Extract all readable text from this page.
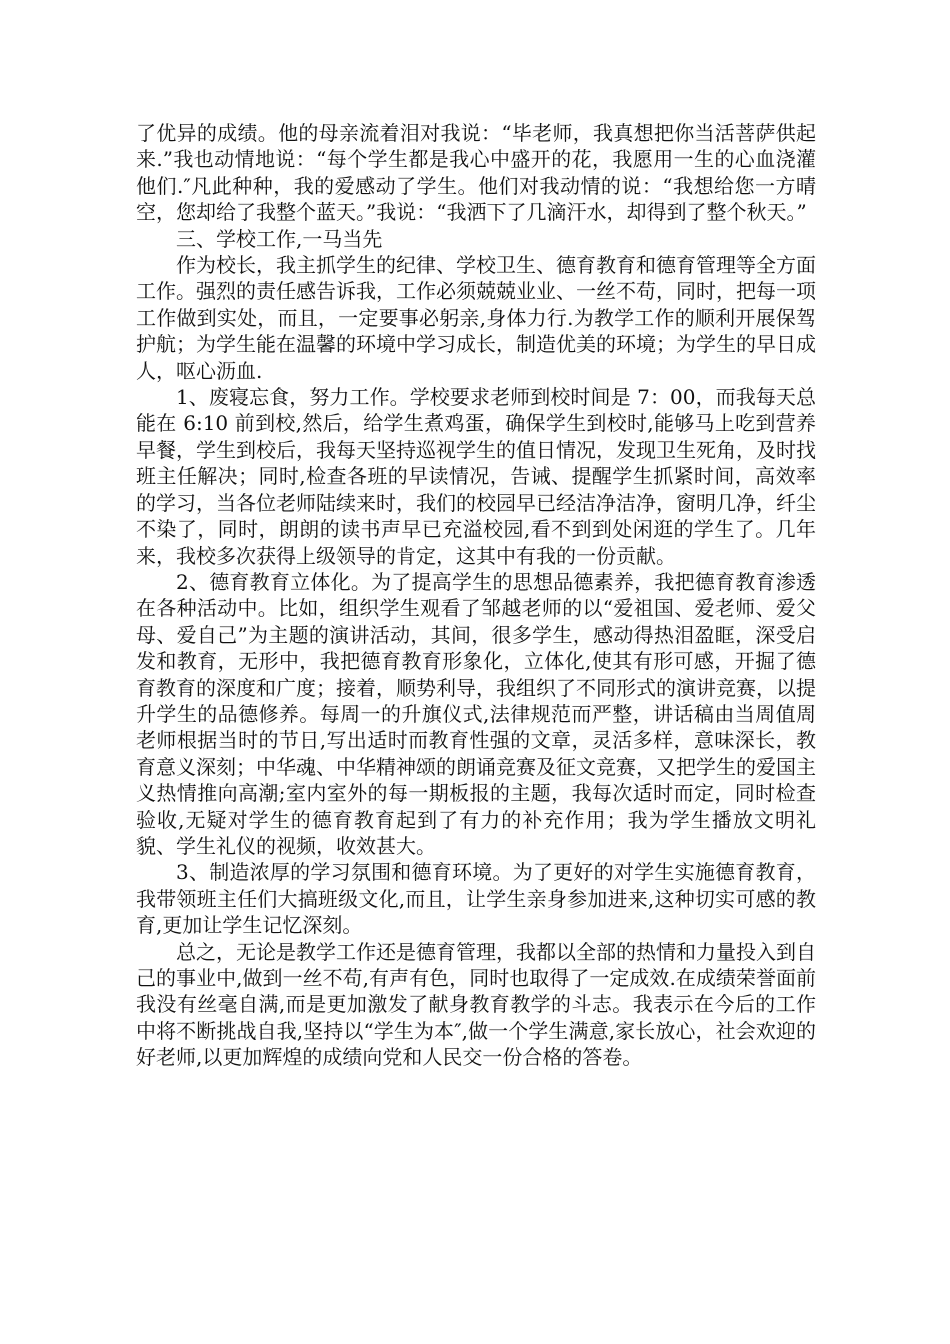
了优异的成绩。他的母亲流着泪对我说：“毕老师，我真想把你当活菩萨供起来.”我也动情地说：“每个学生都是我心中盛开的花，我愿用一生的心血浇灌他们.″凡此种种，我的爱感动了学生。他们对我动情的说：“我想给您一方晴空，您却给了我整个蓝天。”我说：“我洒下了几滴汗水，却得到了整个秋天。”

三、学校工作,一马当先

作为校长，我主抓学生的纪律、学校卫生、德育教育和德育管理等全方面工作。强烈的责任感告诉我，工作必须兢兢业业、一丝不苟，同时，把每一项工作做到实处，而且，一定要事必躬亲,身体力行.为教学工作的顺利开展保驾护航；为学生能在温馨的环境中学习成长，制造优美的环境；为学生的早日成人，呕心沥血.

1、废寝忘食，努力工作。学校要求老师到校时间是 7：00，而我每天总能在 6:10 前到校,然后，给学生煮鸡蛋，确保学生到校时,能够马上吃到营养早餐，学生到校后，我每天坚持巡视学生的值日情况，发现卫生死角，及时找班主任解决；同时,检查各班的早读情况，告诫、提醒学生抓紧时间，高效率的学习，当各位老师陆续来时，我们的校园早已经洁净洁净，窗明几净，纤尘不染了，同时，朗朗的读书声早已充溢校园,看不到到处闲逛的学生了。几年来，我校多次获得上级领导的肯定，这其中有我的一份贡献。

2、德育教育立体化。为了提高学生的思想品德素养，我把德育教育渗透在各种活动中。比如，组织学生观看了邹越老师的以“爱祖国、爱老师、爱父母、爱自己”为主题的演讲活动，其间，很多学生，感动得热泪盈眶，深受启发和教育，无形中，我把德育教育形象化，立体化,使其有形可感，开掘了德育教育的深度和广度；接着，顺势利导，我组织了不同形式的演讲竞赛，以提升学生的品德修养。每周一的升旗仪式,法律规范而严整，讲话稿由当周值周老师根据当时的节日,写出适时而教育性强的文章，灵活多样，意味深长，教育意义深刻；中华魂、中华精神颂的朗诵竞赛及征文竞赛，又把学生的爱国主义热情推向高潮;室内室外的每一期板报的主题，我每次适时而定，同时检查验收,无疑对学生的德育教育起到了有力的补充作用；我为学生播放文明礼貌、学生礼仪的视频，收效甚大。

3、制造浓厚的学习氛围和德育环境。为了更好的对学生实施德育教育，我带领班主任们大搞班级文化,而且，让学生亲身参加进来,这种切实可感的教育,更加让学生记忆深刻。

总之，无论是教学工作还是德育管理，我都以全部的热情和力量投入到自己的事业中,做到一丝不苟,有声有色，同时也取得了一定成效.在成绩荣誉面前我没有丝毫自满,而是更加激发了献身教育教学的斗志。我表示在今后的工作中将不断挑战自我,坚持以“学生为本″,做一个学生满意,家长放心，社会欢迎的好老师,以更加辉煌的成绩向党和人民交一份合格的答卷。
